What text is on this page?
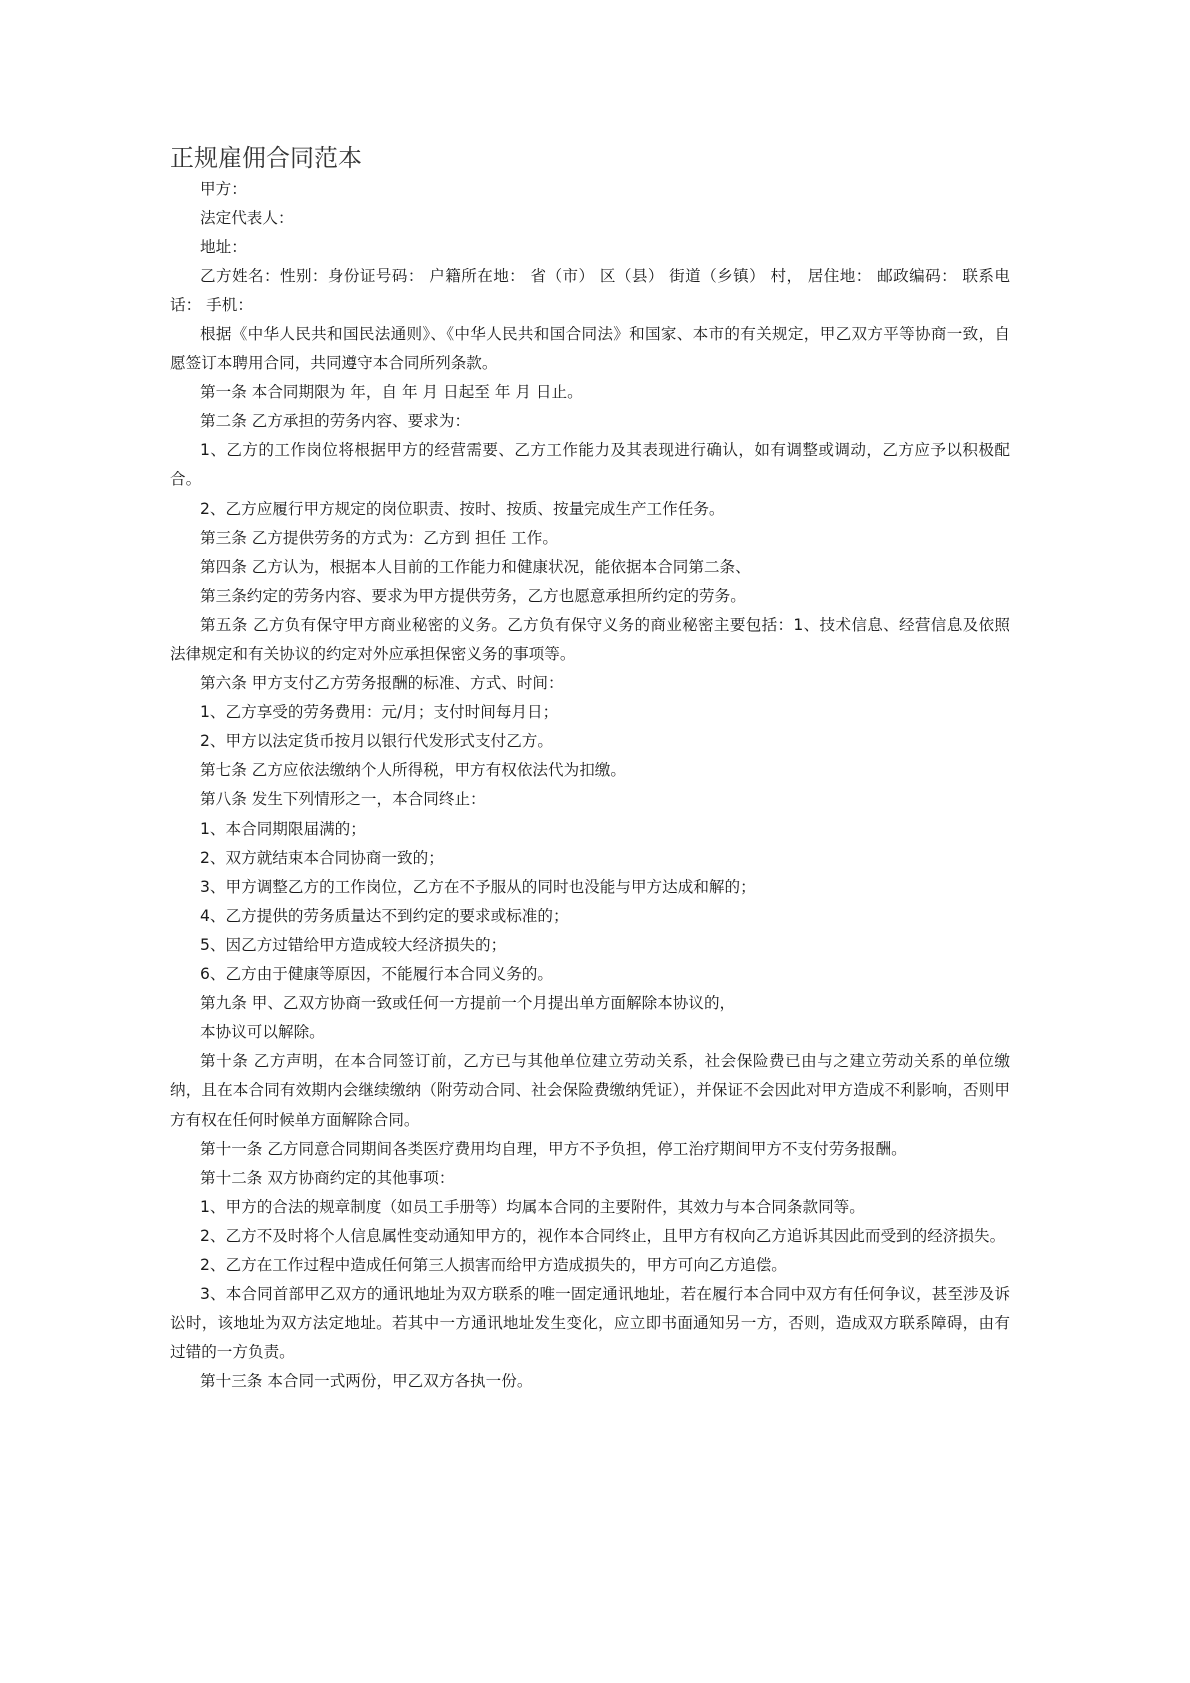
正规雇佣合同范本

甲方：

法定代表人：

地址：

乙方姓名：性别：身份证号码： 户籍所在地： 省（市） 区（县） 街道（乡镇） 村， 居住地： 邮政编码： 联系电话： 手机：

根据《中华人民共和国民法通则》、《中华人民共和国合同法》和国家、本市的有关规定，甲乙双方平等协商一致，自愿签订本聘用合同，共同遵守本合同所列条款。

第一条 本合同期限为 年，自 年 月 日起至 年 月 日止。

第二条 乙方承担的劳务内容、要求为：

1、乙方的工作岗位将根据甲方的经营需要、乙方工作能力及其表现进行确认，如有调整或调动，乙方应予以积极配合。

2、乙方应履行甲方规定的岗位职责、按时、按质、按量完成生产工作任务。

第三条 乙方提供劳务的方式为：乙方到 担任 工作。

第四条 乙方认为，根据本人目前的工作能力和健康状况，能依据本合同第二条、

第三条约定的劳务内容、要求为甲方提供劳务，乙方也愿意承担所约定的劳务。

第五条 乙方负有保守甲方商业秘密的义务。乙方负有保守义务的商业秘密主要包括：1、技术信息、经营信息及依照法律规定和有关协议的约定对外应承担保密义务的事项等。

第六条 甲方支付乙方劳务报酬的标准、方式、时间：

1、乙方享受的劳务费用：元/月；支付时间每月日；

2、甲方以法定货币按月以银行代发形式支付乙方。

第七条 乙方应依法缴纳个人所得税，甲方有权依法代为扣缴。

第八条 发生下列情形之一，本合同终止：

1、本合同期限届满的；

2、双方就结束本合同协商一致的；

3、甲方调整乙方的工作岗位，乙方在不予服从的同时也没能与甲方达成和解的；

4、乙方提供的劳务质量达不到约定的要求或标准的；

5、因乙方过错给甲方造成较大经济损失的；

6、乙方由于健康等原因，不能履行本合同义务的。

第九条 甲、乙双方协商一致或任何一方提前一个月提出单方面解除本协议的，

本协议可以解除。

第十条 乙方声明，在本合同签订前，乙方已与其他单位建立劳动关系，社会保险费已由与之建立劳动关系的单位缴纳，且在本合同有效期内会继续缴纳（附劳动合同、社会保险费缴纳凭证），并保证不会因此对甲方造成不利影响，否则甲方有权在任何时候单方面解除合同。

第十一条 乙方同意合同期间各类医疗费用均自理，甲方不予负担，停工治疗期间甲方不支付劳务报酬。

第十二条 双方协商约定的其他事项：

1、甲方的合法的规章制度（如员工手册等）均属本合同的主要附件，其效力与本合同条款同等。

2、乙方不及时将个人信息属性变动通知甲方的，视作本合同终止，且甲方有权向乙方追诉其因此而受到的经济损失。

2、乙方在工作过程中造成任何第三人损害而给甲方造成损失的，甲方可向乙方追偿。

3、本合同首部甲乙双方的通讯地址为双方联系的唯一固定通讯地址，若在履行本合同中双方有任何争议，甚至涉及诉讼时，该地址为双方法定地址。若其中一方通讯地址发生变化，应立即书面通知另一方，否则，造成双方联系障碍，由有过错的一方负责。

第十三条 本合同一式两份，甲乙双方各执一份。
